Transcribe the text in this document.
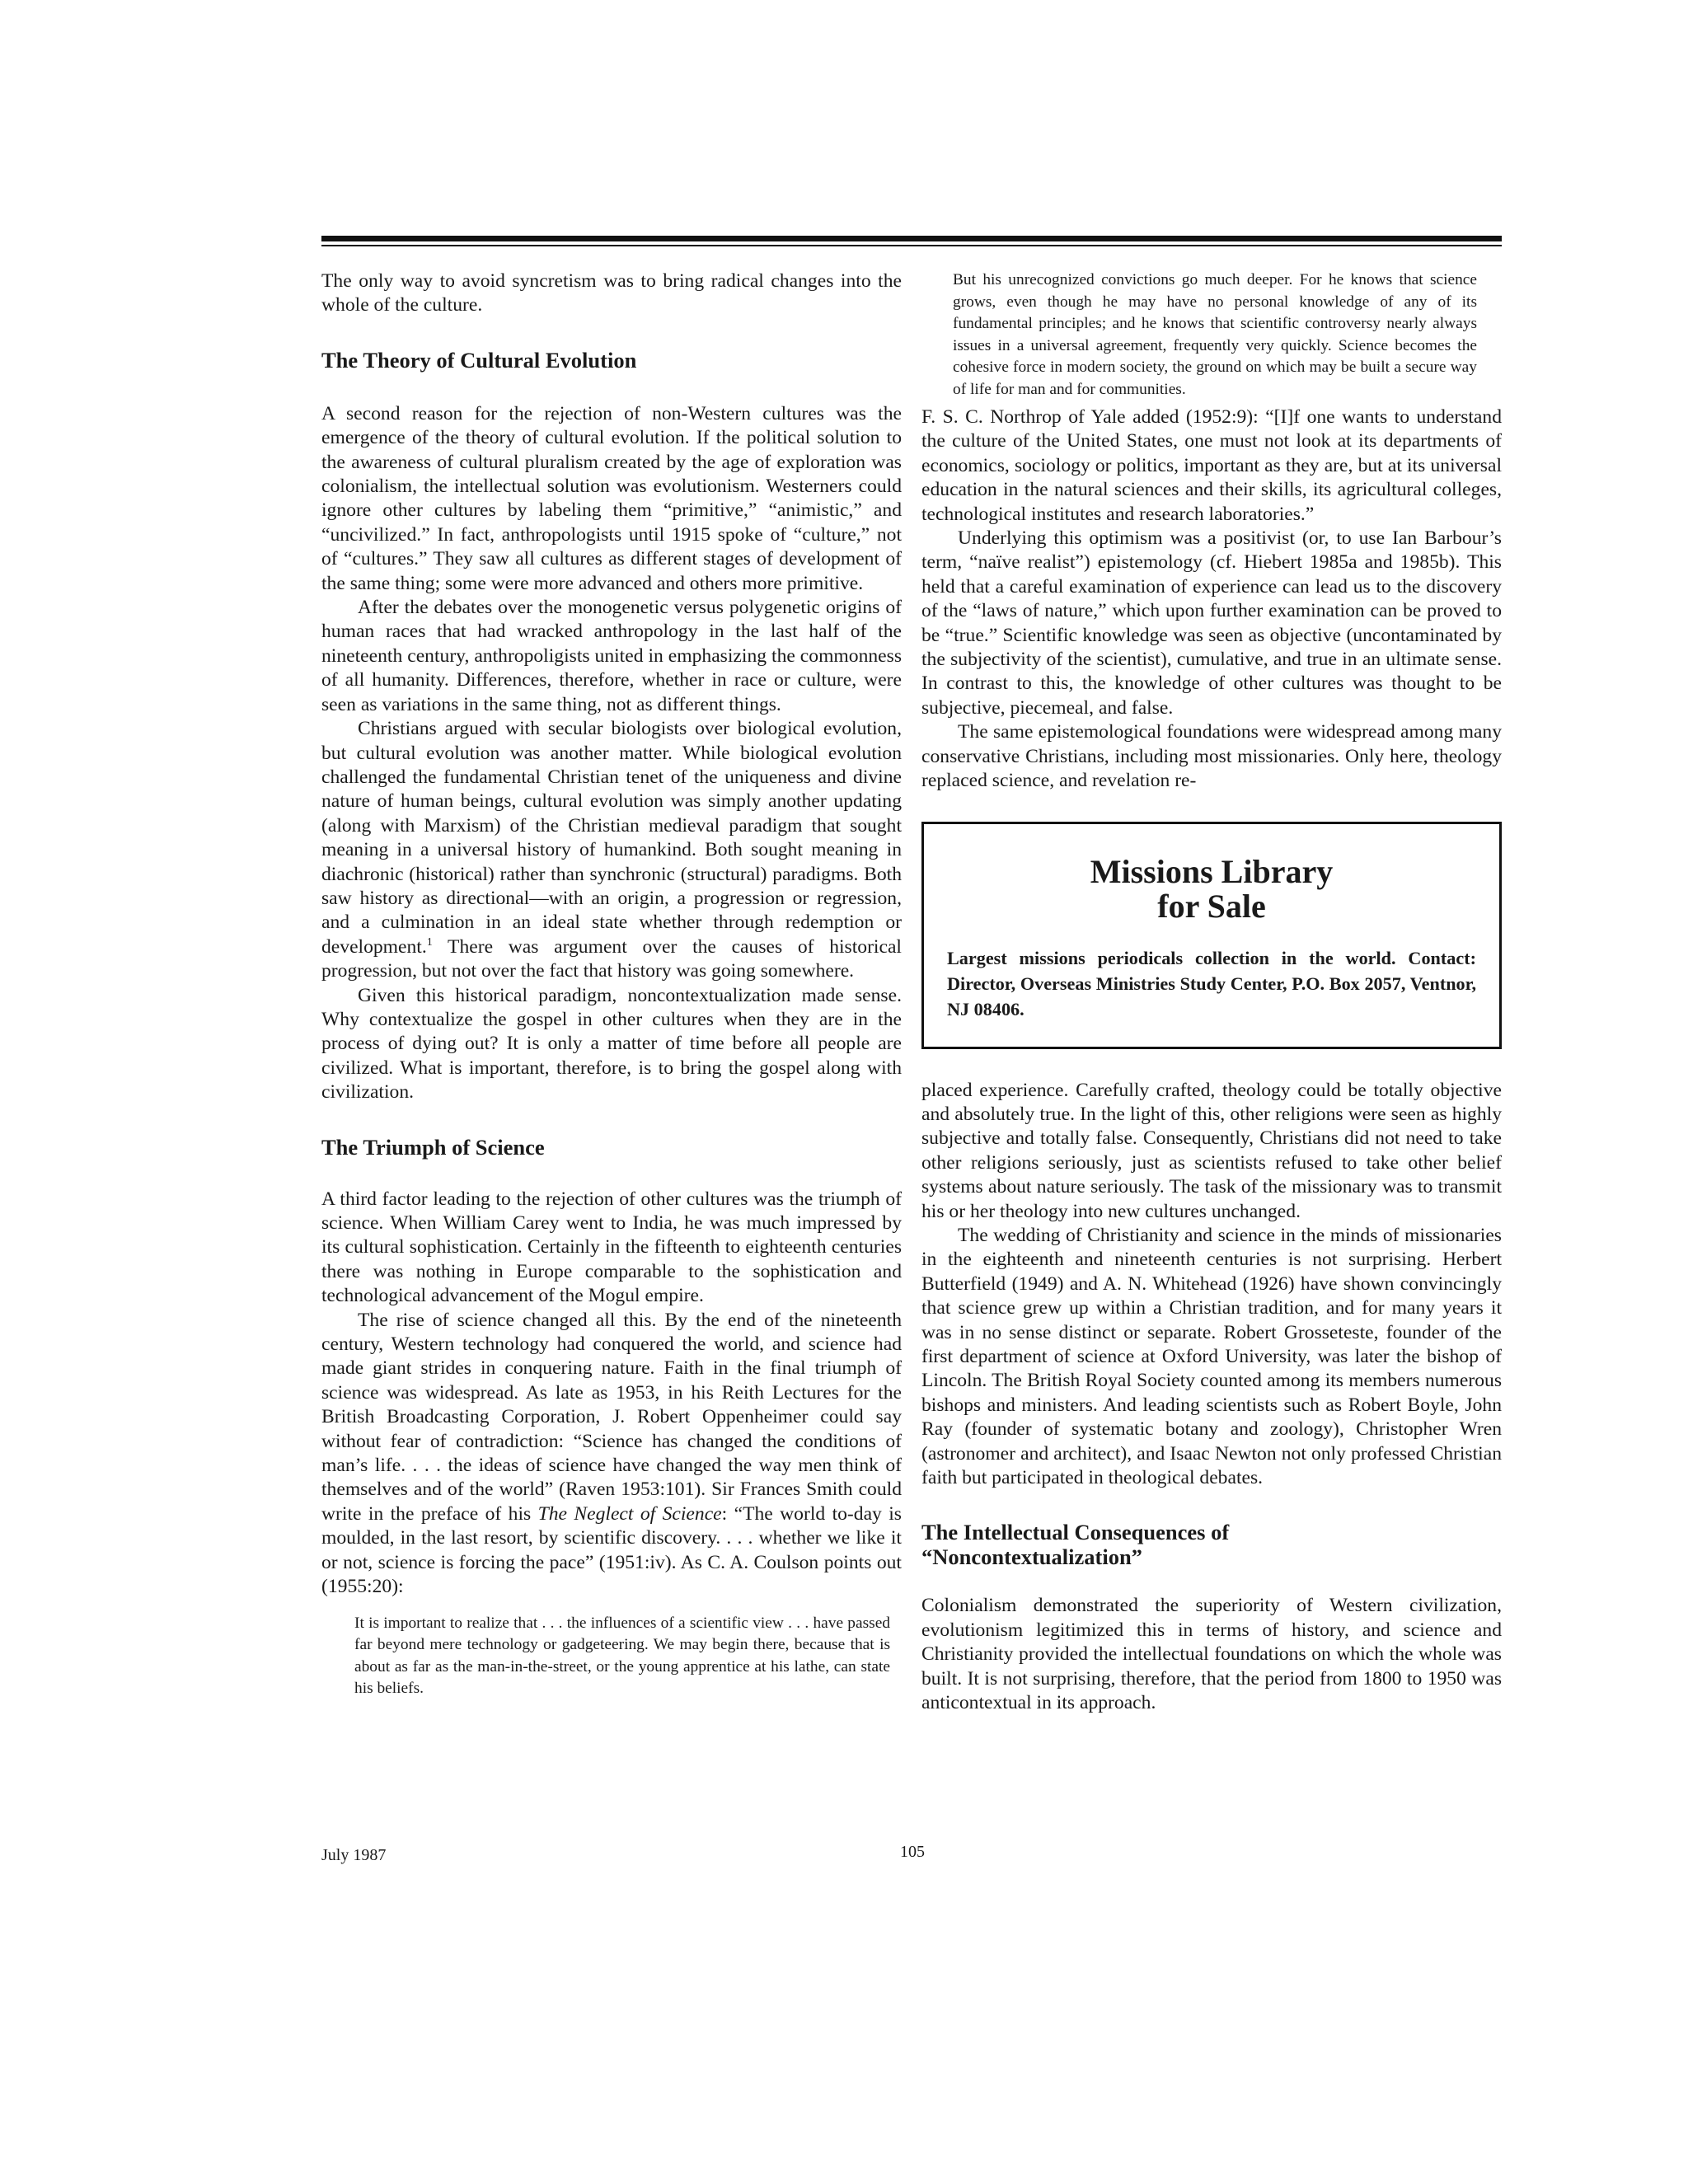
The only way to avoid syncretism was to bring radical changes into the whole of the culture.

The Theory of Cultural Evolution

A second reason for the rejection of non-Western cultures was the emergence of the theory of cultural evolution. If the political solution to the awareness of cultural pluralism created by the age of exploration was colonialism, the intellectual solution was evolutionism. Westerners could ignore other cultures by labeling them “primitive,” “animistic,” and “uncivilized.” In fact, anthropologists until 1915 spoke of “culture,” not of “cultures.” They saw all cultures as different stages of development of the same thing; some were more advanced and others more primitive.

After the debates over the monogenetic versus polygenetic origins of human races that had wracked anthropology in the last half of the nineteenth century, anthropoligists united in emphasizing the commonness of all humanity. Differences, therefore, whether in race or culture, were seen as variations in the same thing, not as different things.

Christians argued with secular biologists over biological evolution, but cultural evolution was another matter. While biological evolution challenged the fundamental Christian tenet of the uniqueness and divine nature of human beings, cultural evolution was simply another updating (along with Marxism) of the Christian medieval paradigm that sought meaning in a universal history of humankind. Both sought meaning in diachronic (historical) rather than synchronic (structural) paradigms. Both saw history as directional—with an origin, a progression or regression, and a culmination in an ideal state whether through redemption or development.$^1$ There was argument over the causes of historical progression, but not over the fact that history was going somewhere.

Given this historical paradigm, noncontextualization made sense. Why contextualize the gospel in other cultures when they are in the process of dying out? It is only a matter of time before all people are civilized. What is important, therefore, is to bring the gospel along with civilization.

The Triumph of Science

A third factor leading to the rejection of other cultures was the triumph of science. When William Carey went to India, he was much impressed by its cultural sophistication. Certainly in the fifteenth to eighteenth centuries there was nothing in Europe comparable to the sophistication and technological advancement of the Mogul empire.

The rise of science changed all this. By the end of the nineteenth century, Western technology had conquered the world, and science had made giant strides in conquering nature. Faith in the final triumph of science was widespread. As late as 1953, in his Reith Lectures for the British Broadcasting Corporation, J. Robert Oppenheimer could say without fear of contradiction: “Science has changed the conditions of man’s life. . . . the ideas of science have changed the way men think of themselves and of the world” (Raven 1953:101). Sir Frances Smith could write in the preface of his The Neglect of Science: “The world to-day is moulded, in the last resort, by scientific discovery. . . . whether we like it or not, science is forcing the pace” (1951:iv). As C. A. Coulson points out (1955:20):

It is important to realize that . . . the influences of a scientific view . . . have passed far beyond mere technology or gadgeteering. We may begin there, because that is about as far as the man-in-the-street, or the young apprentice at his lathe, can state his beliefs.

But his unrecognized convictions go much deeper. For he knows that science grows, even though he may have no personal knowledge of any of its fundamental principles; and he knows that scientific controversy nearly always issues in a universal agreement, frequently very quickly. Science becomes the cohesive force in modern society, the ground on which may be built a secure way of life for man and for communities.

F. S. C. Northrop of Yale added (1952:9): “[I]f one wants to understand the culture of the United States, one must not look at its departments of economics, sociology or politics, important as they are, but at its universal education in the natural sciences and their skills, its agricultural colleges, technological institutes and research laboratories.”

Underlying this optimism was a positivist (or, to use Ian Barbour’s term, “naïve realist”) epistemology (cf. Hiebert 1985a and 1985b). This held that a careful examination of experience can lead us to the discovery of the “laws of nature,” which upon further examination can be proved to be “true.” Scientific knowledge was seen as objective (uncontaminated by the subjectivity of the scientist), cumulative, and true in an ultimate sense. In contrast to this, the knowledge of other cultures was thought to be subjective, piecemeal, and false.

The same epistemological foundations were widespread among many conservative Christians, including most missionaries. Only here, theology replaced science, and revelation re-

Missions Library
for Sale

Largest missions periodicals collection in the world. Contact: Director, Overseas Ministries Study Center, P.O. Box 2057, Ventnor, NJ 08406.

placed experience. Carefully crafted, theology could be totally objective and absolutely true. In the light of this, other religions were seen as highly subjective and totally false. Consequently, Christians did not need to take other religions seriously, just as scientists refused to take other belief systems about nature seriously. The task of the missionary was to transmit his or her theology into new cultures unchanged.

The wedding of Christianity and science in the minds of missionaries in the eighteenth and nineteenth centuries is not surprising. Herbert Butterfield (1949) and A. N. Whitehead (1926) have shown convincingly that science grew up within a Christian tradition, and for many years it was in no sense distinct or separate. Robert Grosseteste, founder of the first department of science at Oxford University, was later the bishop of Lincoln. The British Royal Society counted among its members numerous bishops and ministers. And leading scientists such as Robert Boyle, John Ray (founder of systematic botany and zoology), Christopher Wren (astronomer and architect), and Isaac Newton not only professed Christian faith but participated in theological debates.

The Intellectual Consequences of
“Noncontextualization”

Colonialism demonstrated the superiority of Western civilization, evolutionism legitimized this in terms of history, and science and Christianity provided the intellectual foundations on which the whole was built. It is not surprising, therefore, that the period from 1800 to 1950 was anticontextual in its approach.

July 1987	105
